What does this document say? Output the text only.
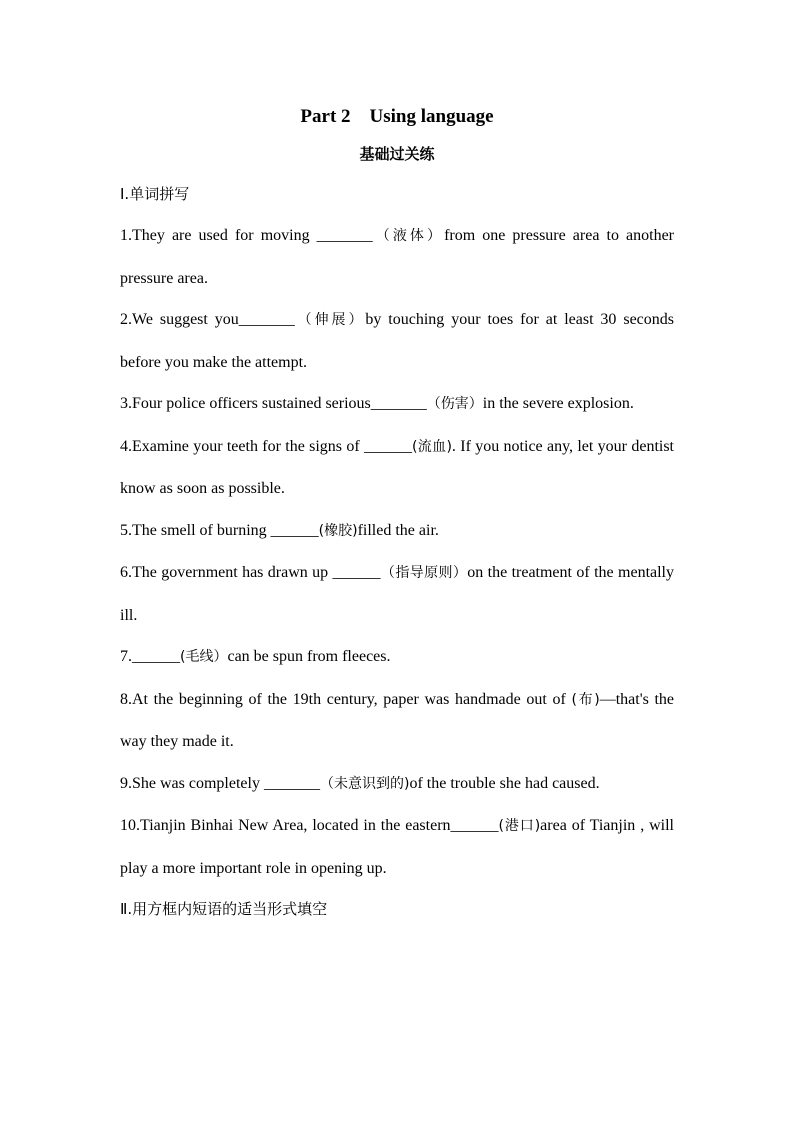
Part 2    Using language
基础过关练

Ⅰ.单词拼写

1.They are used for moving _______（液体）from one pressure area to another pressure area.

2.We suggest you_______（伸展）by touching your toes for at least 30 seconds before you make the attempt.

3.Four police officers sustained serious_______（伤害）in the severe explosion.

4.Examine your teeth for the signs of ______(流血). If you notice any, let your dentist know as soon as possible.

5.The smell of burning ______(橡胶)filled the air.

6.The government has drawn up ______（指导原则）on the treatment of the mentally ill.

7.______(毛线）can be spun from fleeces.

8.At the beginning of the 19th century, paper was handmade out of (布)—that's the way they made it.

9.She was completely _______（未意识到的)of the trouble she had caused.

10.Tianjin Binhai New Area, located in the eastern______(港口)area of Tianjin , will play a more important role in opening up.

Ⅱ.用方框内短语的适当形式填空
